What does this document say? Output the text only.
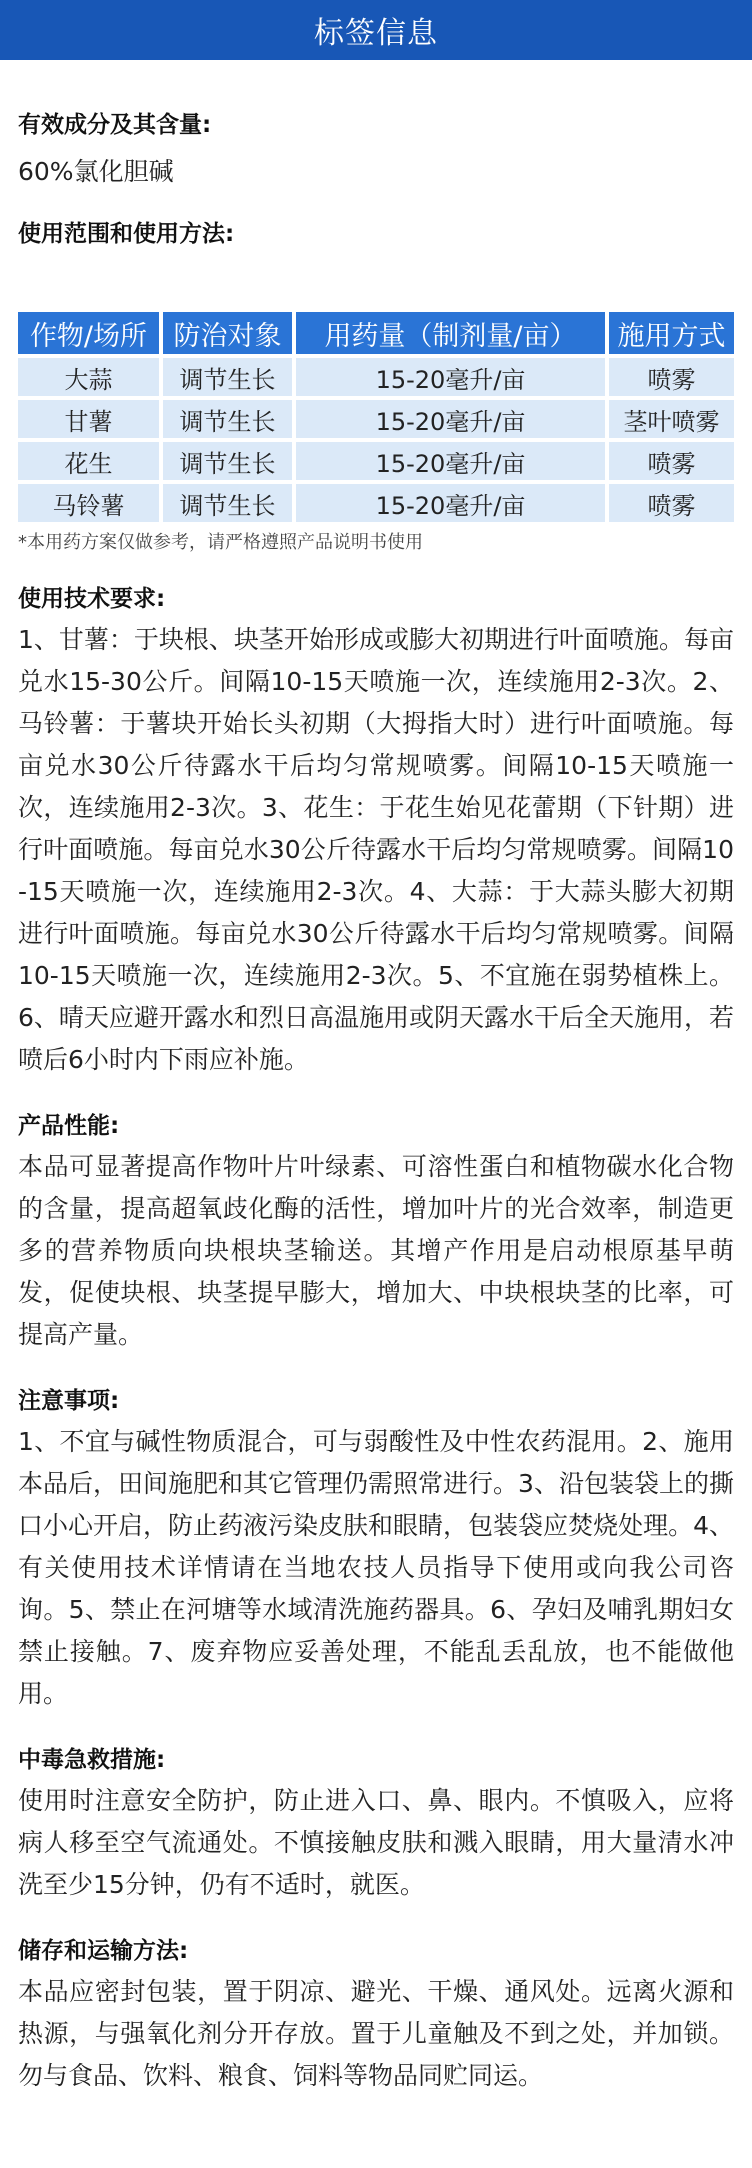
标签信息

有效成分及其含量:

60%氯化胆碱

使用范围和使用方法:

作物/场所	防治对象	用药量（制剂量/亩）	施用方式
大蒜	调节生长	15-20毫升/亩	喷雾
甘薯	调节生长	15-20毫升/亩	茎叶喷雾
花生	调节生长	15-20毫升/亩	喷雾
马铃薯	调节生长	15-20毫升/亩	喷雾
*本用药方案仅做参考，请严格遵照产品说明书使用

使用技术要求:

1、甘薯：于块根、块茎开始形成或膨大初期进行叶面喷施。每亩兑水15-30公斤。间隔10-15天喷施一次，连续施用2-3次。2、马铃薯：于薯块开始长头初期（大拇指大时）进行叶面喷施。每亩兑水30公斤待露水干后均匀常规喷雾。间隔10-15天喷施一次，连续施用2-3次。3、花生：于花生始见花蕾期（下针期）进行叶面喷施。每亩兑水30公斤待露水干后均匀常规喷雾。间隔10-15天喷施一次，连续施用2-3次。4、大蒜：于大蒜头膨大初期进行叶面喷施。每亩兑水30公斤待露水干后均匀常规喷雾。间隔10-15天喷施一次，连续施用2-3次。5、不宜施在弱势植株上。6、晴天应避开露水和烈日高温施用或阴天露水干后全天施用，若喷后6小时内下雨应补施。

产品性能:

本品可显著提高作物叶片叶绿素、可溶性蛋白和植物碳水化合物的含量，提高超氧歧化酶的活性，增加叶片的光合效率，制造更多的营养物质向块根块茎输送。其增产作用是启动根原基早萌发，促使块根、块茎提早膨大，增加大、中块根块茎的比率，可提高产量。

注意事项:

1、不宜与碱性物质混合，可与弱酸性及中性农药混用。2、施用本品后，田间施肥和其它管理仍需照常进行。3、沿包装袋上的撕口小心开启，防止药液污染皮肤和眼睛，包装袋应焚烧处理。4、有关使用技术详情请在当地农技人员指导下使用或向我公司咨询。5、禁止在河塘等水域清洗施药器具。6、孕妇及哺乳期妇女禁止接触。7、废弃物应妥善处理，不能乱丢乱放，也不能做他用。

中毒急救措施:

使用时注意安全防护，防止进入口、鼻、眼内。不慎吸入，应将病人移至空气流通处。不慎接触皮肤和溅入眼睛，用大量清水冲洗至少15分钟，仍有不适时，就医。

储存和运输方法:

本品应密封包装，置于阴凉、避光、干燥、通风处。远离火源和热源，与强氧化剂分开存放。置于儿童触及不到之处，并加锁。勿与食品、饮料、粮食、饲料等物品同贮同运。
